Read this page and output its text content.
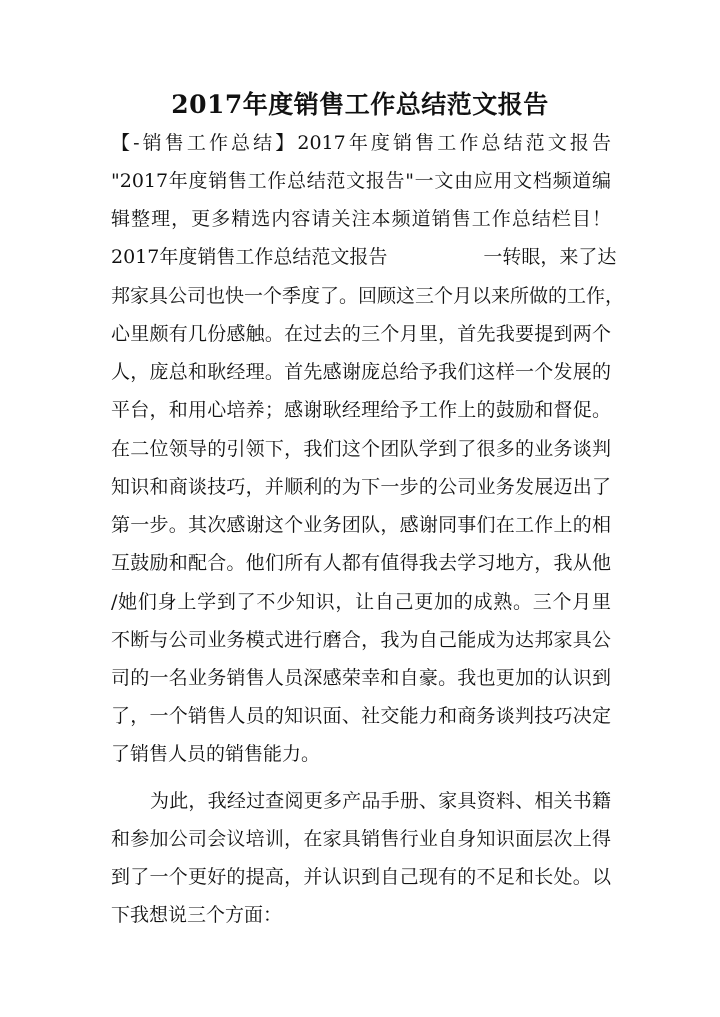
2017年度销售工作总结范文报告
【-销售工作总结】2017年度销售工作总结范文报告
"2017年度销售工作总结范文报告"一文由应用文档频道编
辑整理，更多精选内容请关注本频道销售工作总结栏目！
2017年度销售工作总结范文报告	一转眼，来了达
邦家具公司也快一个季度了。回顾这三个月以来所做的工作，
心里颇有几份感触。在过去的三个月里，首先我要提到两个
人，庞总和耿经理。首先感谢庞总给予我们这样一个发展的
平台，和用心培养；感谢耿经理给予工作上的鼓励和督促。
在二位领导的引领下，我们这个团队学到了很多的业务谈判
知识和商谈技巧，并顺利的为下一步的公司业务发展迈出了
第一步。其次感谢这个业务团队，感谢同事们在工作上的相
互鼓励和配合。他们所有人都有值得我去学习地方，我从他
/她们身上学到了不少知识，让自己更加的成熟。三个月里
不断与公司业务模式进行磨合，我为自己能成为达邦家具公
司的一名业务销售人员深感荣幸和自豪。我也更加的认识到
了，一个销售人员的知识面、社交能力和商务谈判技巧决定
了销售人员的销售能力。
为此，我经过查阅更多产品手册、家具资料、相关书籍
和参加公司会议培训，在家具销售行业自身知识面层次上得
到了一个更好的提高，并认识到自己现有的不足和长处。以
下我想说三个方面：
